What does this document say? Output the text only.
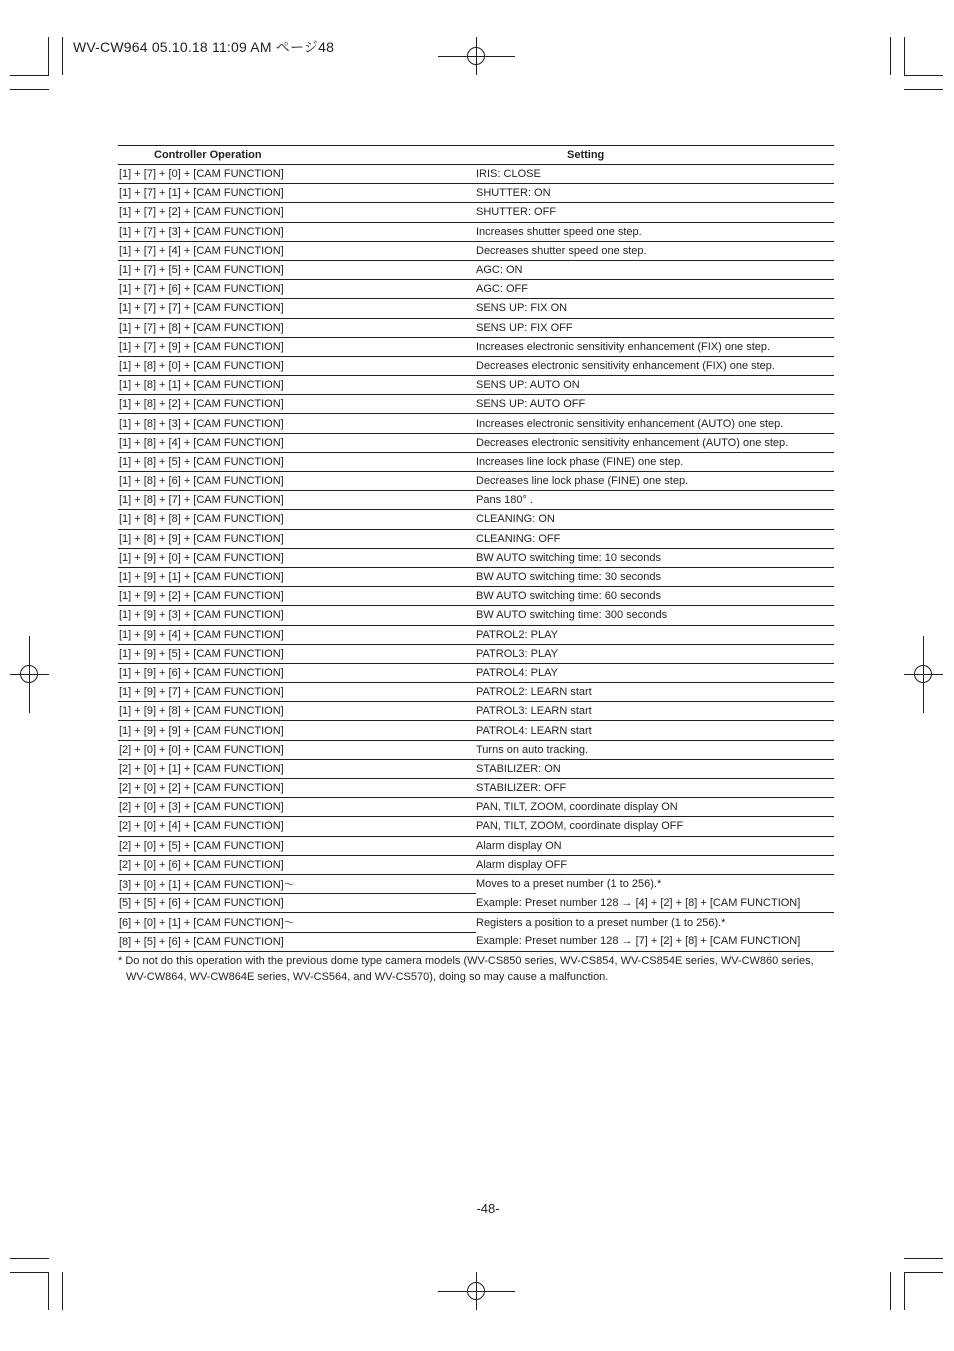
WV-CW964 05.10.18 11:09 AM ページ48
Controller Operation	Setting
[1] + [7] + [0] + [CAM FUNCTION]	IRIS: CLOSE
[1] + [7] + [1] + [CAM FUNCTION]	SHUTTER: ON
[1] + [7] + [2] + [CAM FUNCTION]	SHUTTER: OFF
[1] + [7] + [3] + [CAM FUNCTION]	Increases shutter speed one step.
[1] + [7] + [4] + [CAM FUNCTION]	Decreases shutter speed one step.
[1] + [7] + [5] + [CAM FUNCTION]	AGC: ON
[1] + [7] + [6] + [CAM FUNCTION]	AGC: OFF
[1] + [7] + [7] + [CAM FUNCTION]	SENS UP: FIX ON
[1] + [7] + [8] + [CAM FUNCTION]	SENS UP: FIX OFF
[1] + [7] + [9] + [CAM FUNCTION]	Increases electronic sensitivity enhancement (FIX) one step.
[1] + [8] + [0] + [CAM FUNCTION]	Decreases electronic sensitivity enhancement (FIX) one step.
[1] + [8] + [1] + [CAM FUNCTION]	SENS UP: AUTO ON
[1] + [8] + [2] + [CAM FUNCTION]	SENS UP: AUTO OFF
[1] + [8] + [3] + [CAM FUNCTION]	Increases electronic sensitivity enhancement (AUTO) one step.
[1] + [8] + [4] + [CAM FUNCTION]	Decreases electronic sensitivity enhancement (AUTO) one step.
[1] + [8] + [5] + [CAM FUNCTION]	Increases line lock phase (FINE) one step.
[1] + [8] + [6] + [CAM FUNCTION]	Decreases line lock phase (FINE) one step.
[1] + [8] + [7] + [CAM FUNCTION]	Pans 180° .
[1] + [8] + [8] + [CAM FUNCTION]	CLEANING: ON
[1] + [8] + [9] + [CAM FUNCTION]	CLEANING: OFF
[1] + [9] + [0] + [CAM FUNCTION]	BW AUTO switching time: 10 seconds
[1] + [9] + [1] + [CAM FUNCTION]	BW AUTO switching time: 30 seconds
[1] + [9] + [2] + [CAM FUNCTION]	BW AUTO switching time: 60 seconds
[1] + [9] + [3] + [CAM FUNCTION]	BW AUTO switching time: 300 seconds
[1] + [9] + [4] + [CAM FUNCTION]	PATROL2: PLAY
[1] + [9] + [5] + [CAM FUNCTION]	PATROL3: PLAY
[1] + [9] + [6] + [CAM FUNCTION]	PATROL4: PLAY
[1] + [9] + [7] + [CAM FUNCTION]	PATROL2: LEARN start
[1] + [9] + [8] + [CAM FUNCTION]	PATROL3: LEARN start
[1] + [9] + [9] + [CAM FUNCTION]	PATROL4: LEARN start
[2] + [0] + [0] + [CAM FUNCTION]	Turns on auto tracking.
[2] + [0] + [1] + [CAM FUNCTION]	STABILIZER: ON
[2] + [0] + [2] + [CAM FUNCTION]	STABILIZER: OFF
[2] + [0] + [3] + [CAM FUNCTION]	PAN, TILT, ZOOM, coordinate display ON
[2] + [0] + [4] + [CAM FUNCTION]	PAN, TILT, ZOOM, coordinate display OFF
[2] + [0] + [5] + [CAM FUNCTION]	Alarm display ON
[2] + [0] + [6] + [CAM FUNCTION]	Alarm display OFF
[3] + [0] + [1] + [CAM FUNCTION]〜	Moves to a preset number (1 to 256).*
[5] + [5] + [6] + [CAM FUNCTION]	Example: Preset number 128 → [4] + [2] + [8] + [CAM FUNCTION]
[6] + [0] + [1] + [CAM FUNCTION]〜	Registers a position to a preset number (1 to 256).*
[8] + [5] + [6] + [CAM FUNCTION]	Example: Preset number 128 → [7] + [2] + [8] + [CAM FUNCTION]
* Do not do this operation with the previous dome type camera models (WV-CS850 series, WV-CS854, WV-CS854E series, WV-CW860 series,
WV-CW864, WV-CW864E series, WV-CS564, and WV-CS570), doing so may cause a malfunction.
-48-
